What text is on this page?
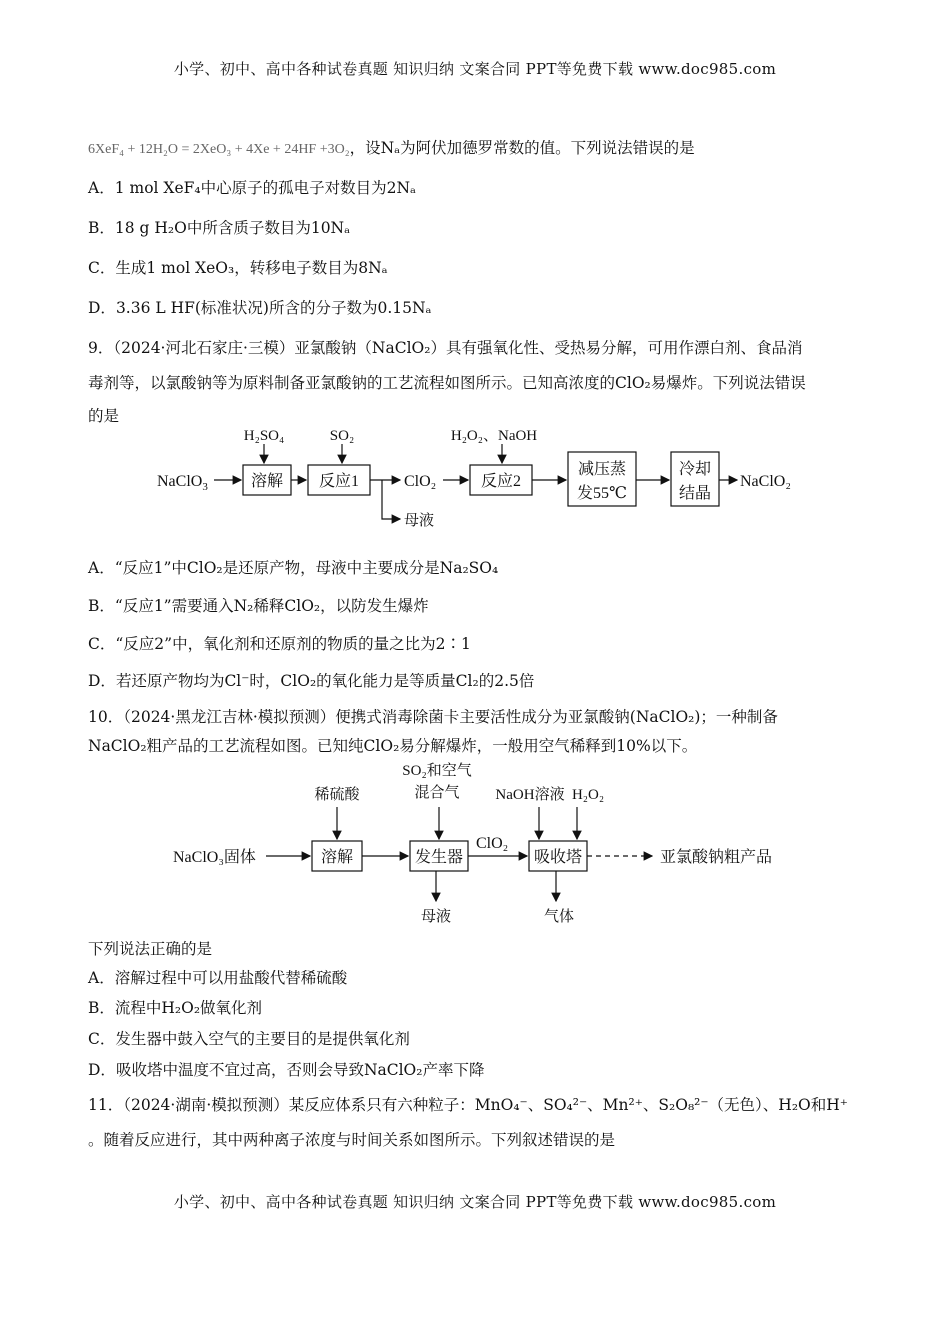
小学、初中、高中各种试卷真题 知识归纳 文案合同 PPT等免费下载 www.doc985.com
小学、初中、高中各种试卷真题 知识归纳 文案合同 PPT等免费下载 www.doc985.com
6XeF₄ + 12H₂O = 2XeO₃ + 4Xe + 24HF +3O₂，设Nₐ为阿伏加德罗常数的值。下列说法错误的是
A．1 mol XeF₄中心原子的孤电子对数目为2Nₐ
B．18 g H₂O中所含质子数目为10Nₐ
C．生成1 mol XeO₃，转移电子数目为8Nₐ
D．3.36 L HF(标准状况)所含的分子数为0.15Nₐ
9．（2024·河北石家庄·三模）亚氯酸钠（NaClO₂）具有强氧化性、受热易分解，可用作漂白剂、食品消
毒剂等，以氯酸钠等为原料制备亚氯酸钠的工艺流程如图所示。已知高浓度的ClO₂易爆炸。下列说法错误
的是
NaClO$_3$	溶解 反应1	反应2
减压蒸
发55℃
冷却
结晶
H₂SO₄	SO₂	H₂O₂、NaOH
ClO₂
母液
NaClO₂
A．“反应1”中ClO₂是还原产物，母液中主要成分是Na₂SO₄
B．“反应1”需要通入N₂稀释ClO₂，以防发生爆炸
C．“反应2”中，氧化剂和还原剂的物质的量之比为2∶1
D．若还原产物均为Cl⁻时，ClO₂的氧化能力是等质量Cl₂的2.5倍
10．（2024·黑龙江吉林·模拟预测）便携式消毒除菌卡主要活性成分为亚氯酸钠(NaClO₂)；一种制备
NaClO₂粗产品的工艺流程如图。已知纯ClO₂易分解爆炸，一般用空气稀释到10%以下。
NaClO₃固体	溶解	发生器	吸收塔
稀硫酸
SO₂和空气
混合气 NaOH溶液 H₂O₂
ClO₂
母液	气体
亚氯酸钠粗产品
下列说法正确的是
A．溶解过程中可以用盐酸代替稀硫酸
B．流程中H₂O₂做氧化剂
C．发生器中鼓入空气的主要目的是提供氧化剂
D．吸收塔中温度不宜过高，否则会导致NaClO₂产率下降
11．（2024·湖南·模拟预测）某反应体系只有六种粒子：MnO₄⁻、SO₄²⁻、Mn²⁺、S₂O₈²⁻（无色）、H₂O和H⁺
。随着反应进行，其中两种离子浓度与时间关系如图所示。下列叙述错误的是
